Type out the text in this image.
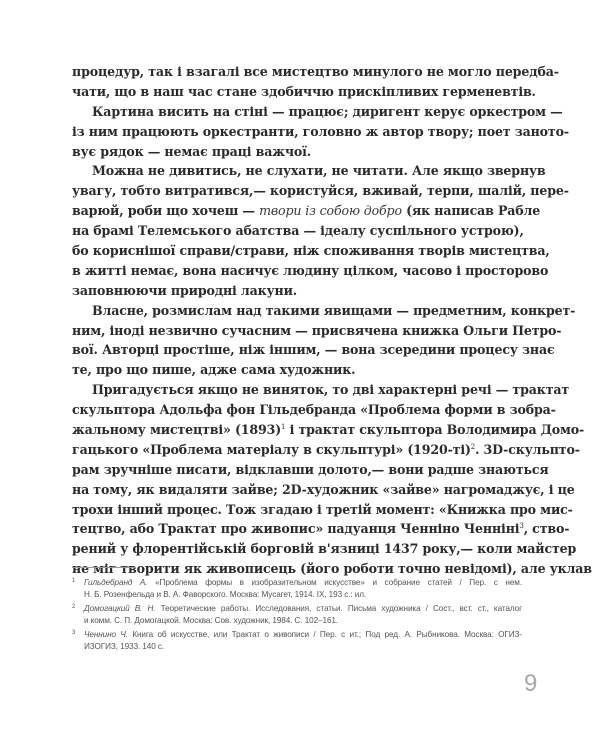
процедур, так і взагалі все мистецтво минулого не могло передба-
чати, що в наш час стане здобиччю прискіпливих герменевтів.
Картина висить на стіні — працює; диригент керує оркестром —
із ним працюють оркестранти, головно ж автор твору; поет заното-
вує рядок — немає праці важчої.
Можна не дивитись, не слухати, не читати. Але якщо звернув
увагу, тобто витратився,— користуйся, вживай, терпи, шалій, пере-
варюй, роби що хочеш — твори із собою добро (як написав Рабле
на брамі Телемського абатства — ідеалу суспільного устрою),
бо кориснішої справи/страви, ніж споживання творів мистецтва,
в житті немає, вона насичує людину цілком, часово і просторово
заповнюючи природні лакуни.
Власне, розмислам над такими явищами — предметним, конкрет-
ним, іноді незвично сучасним — присвячена книжка Ольги Петро-
вої. Авторці простіше, ніж іншим, — вона зсередини процесу знає
те, про що пише, адже сама художник.
Пригадується якщо не виняток, то дві характерні речі — трактат
скульптора Адольфа фон Гільдебранда «Проблема форми в зобра-
жальному мистецтві» $(1893)^1$ і трактат скульптора Володимира Домо-
гацького «Проблема матеріалу в скульптурі» $(1920-ті)^2$. 3D-скульпто-
рам зручніше писати, відклавши долото,— вони радше знаються
на тому, як видаляти зайве; 2D-художник «зайве» нагромаджує, і це
трохи інший процес. Тож згадаю і третій момент: «Книжка про мис-
тецтво, або Трактат про живопис» падуанця Ченніно Ченніні$^3$, ство-
рений у флорентійській борговій в'язниці 1437 року,— коли майстер
не міг творити як живописець (його роботи точно невідомі), але уклав
1 Гильдебранд А. «Проблема формы в изобразительном искусстве» и собрание статей / Пер. с нем.
Н. Б. Розенфельда и В. А. Фаворского. Москва: Мусагет, 1914. IX, 193 с.: ил.
2 Домогацкий В. Н. Теоретические работы. Исследования, статьи. Письма художника / Сост., вст. ст., каталог
и комм. С. П. Домогацкой. Москва: Сов. художник, 1984. С. 102–161.
3 Ченнино Ч. Книга об искусстве, или Трактат о живописи / Пер. с ит.; Под ред. А. Рыбникова. Москва: ОГИЗ-
ИЗОГИЗ, 1933. 140 с.
9
